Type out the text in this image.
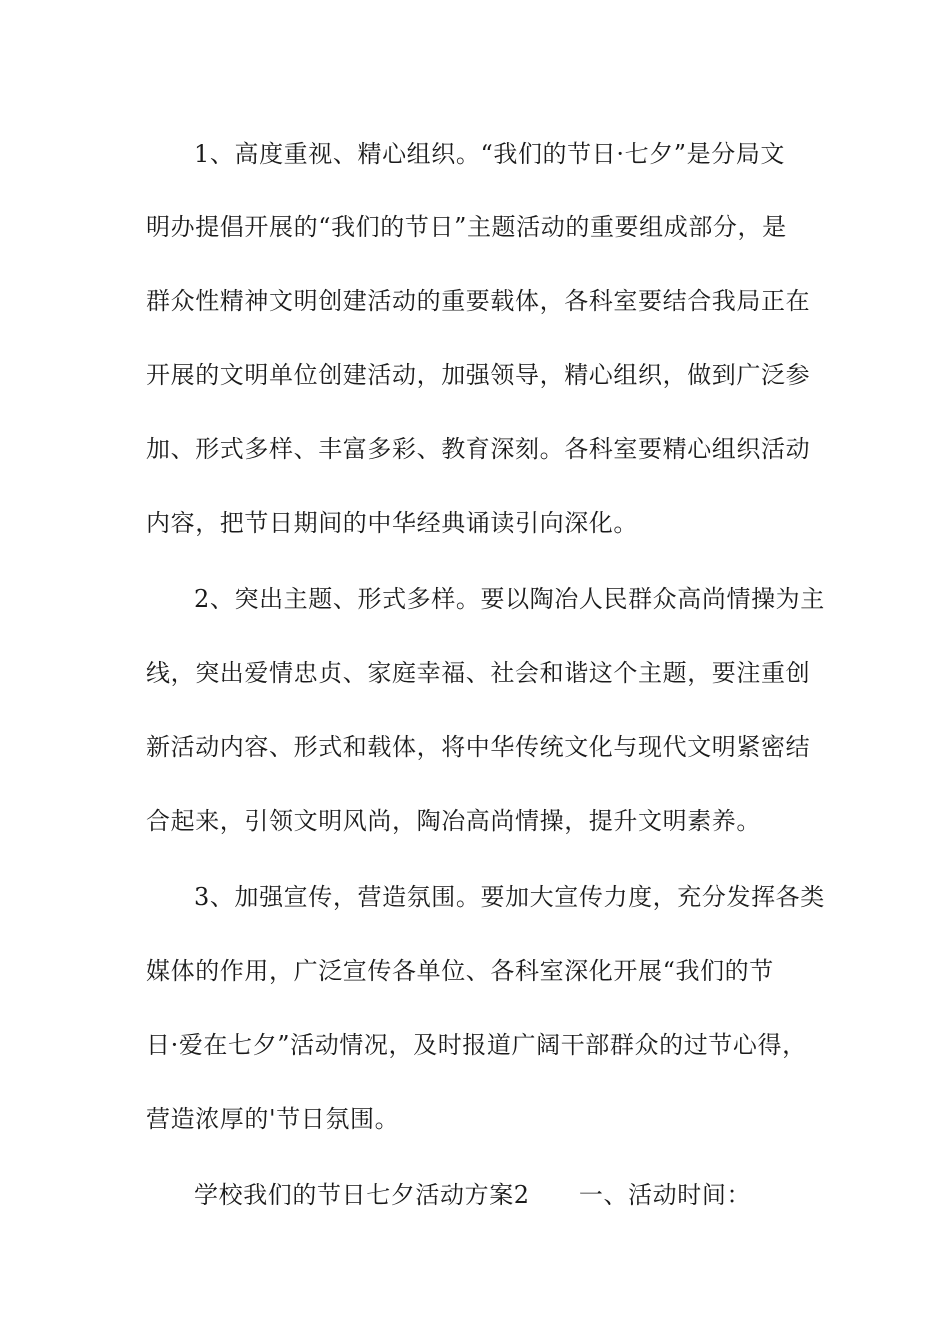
1、高度重视、精心组织。“我们的节日·七夕”是分局文

明办提倡开展的“我们的节日”主题活动的重要组成部分，是

群众性精神文明创建活动的重要载体，各科室要结合我局正在

开展的文明单位创建活动，加强领导，精心组织，做到广泛参

加、形式多样、丰富多彩、教育深刻。各科室要精心组织活动

内容，把节日期间的中华经典诵读引向深化。

2、突出主题、形式多样。要以陶冶人民群众高尚情操为主

线，突出爱情忠贞、家庭幸福、社会和谐这个主题，要注重创

新活动内容、形式和载体，将中华传统文化与现代文明紧密结

合起来，引领文明风尚，陶冶高尚情操，提升文明素养。

3、加强宣传，营造氛围。要加大宣传力度，充分发挥各类

媒体的作用，广泛宣传各单位、各科室深化开展“我们的节

日·爱在七夕”活动情况，及时报道广阔干部群众的过节心得，

营造浓厚的'节日氛围。

学校我们的节日七夕活动方案2　　一、活动时间：
